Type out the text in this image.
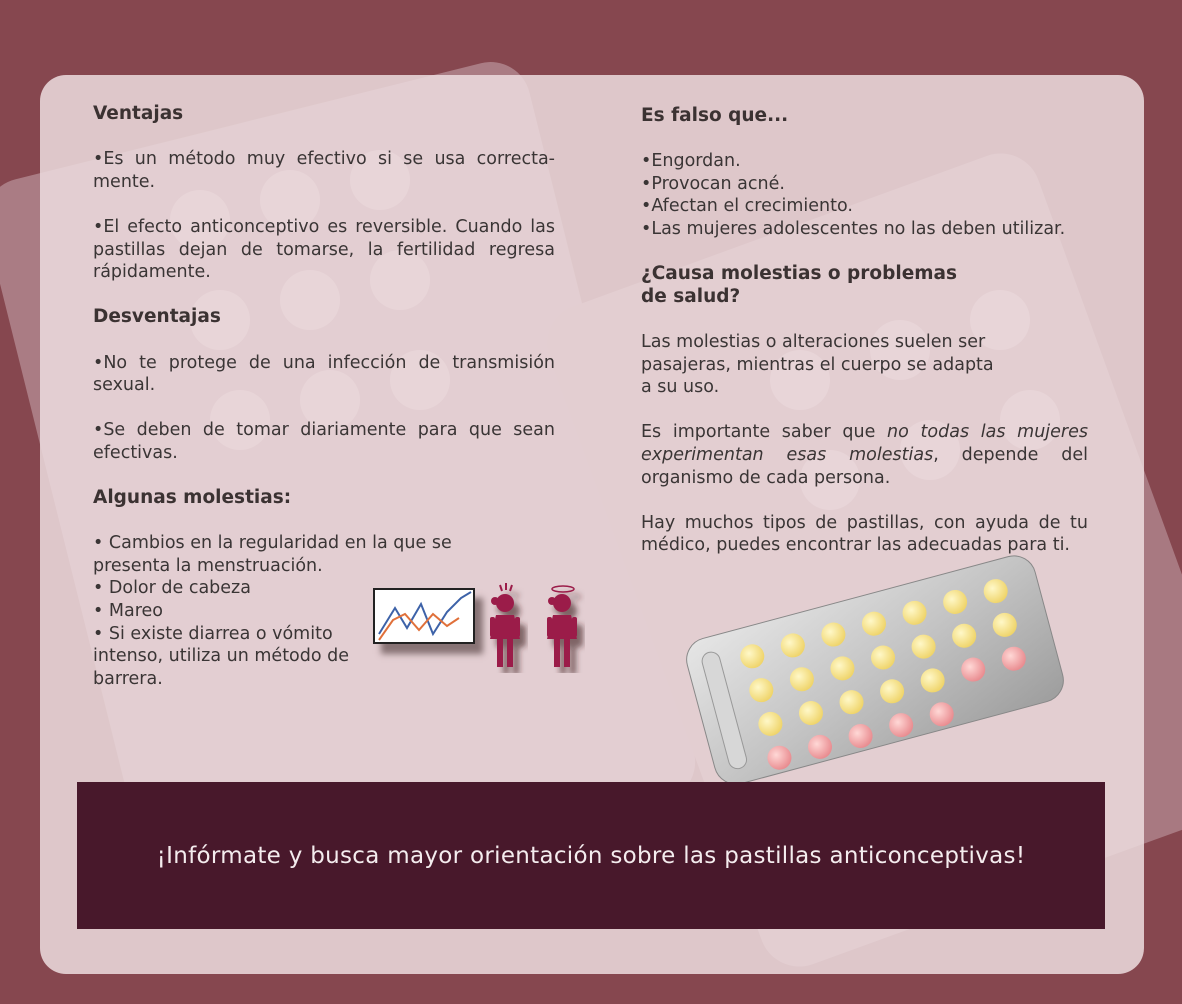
Ventajas

•Es un método muy efectivo si se usa correcta-mente.

•El efecto anticonceptivo es reversible. Cuando las pastillas dejan de tomarse, la fertilidad regresa rápidamente.

Desventajas

•No te protege de una infección de transmisión sexual.

•Se deben de tomar diariamente para que sean efectivas.

Algunas molestias:
• Cambios en la regularidad en la que se
presenta la menstruación.
• Dolor de cabeza
• Mareo
• Si existe diarrea o vómito
intenso, utiliza un método de
barrera.
Es falso que...
•Engordan.
•Provocan acné.
•Afectan el crecimiento.
•Las mujeres adolescentes no las deben utilizar.
¿Causa molestias o problemas
de salud?
Las molestias o alteraciones suelen ser
pasajeras, mientras el cuerpo se adapta
a su uso.

Es importante saber que no todas las mujeres experimentan esas molestias, depende del organismo de cada persona.

Hay muchos tipos de pastillas, con ayuda de tu médico, puedes encontrar las adecuadas para ti.

¡Infórmate y busca mayor orientación sobre las pastillas anticonceptivas!
